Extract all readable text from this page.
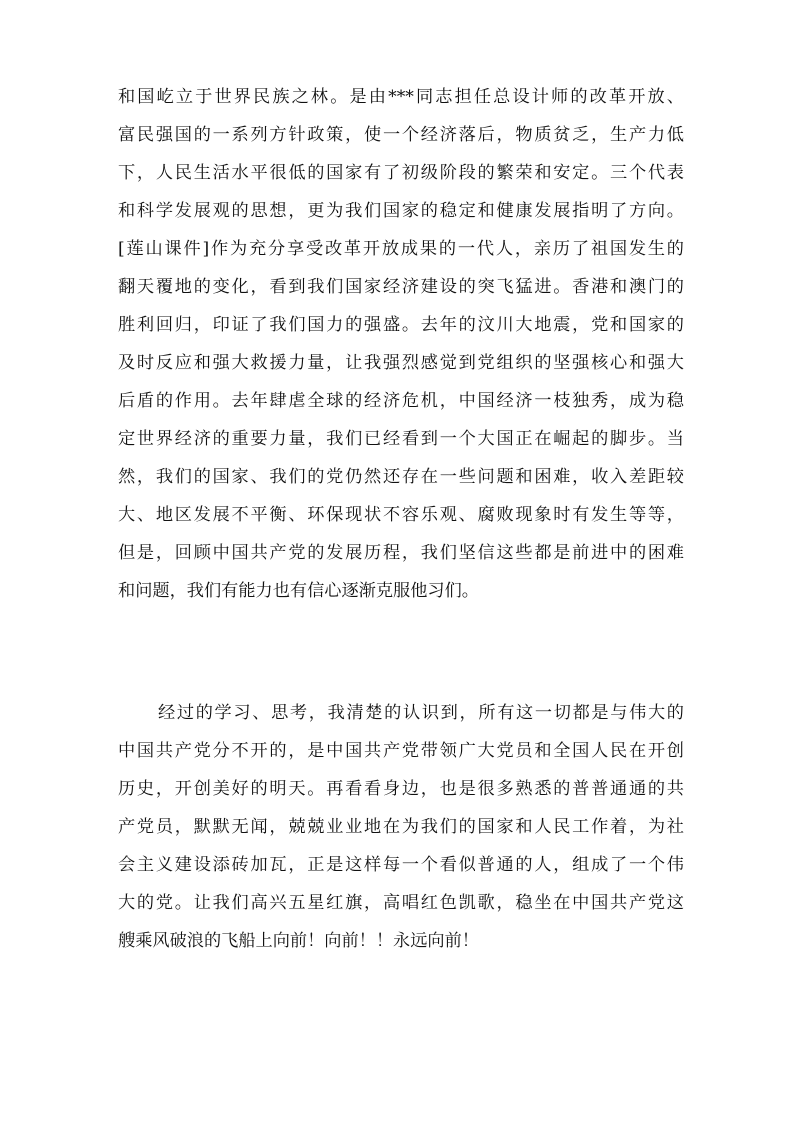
和国屹立于世界民族之林。是由***同志担任总设计师的改革开放、
富民强国的一系列方针政策，使一个经济落后，物质贫乏，生产力低
下，人民生活水平很低的国家有了初级阶段的繁荣和安定。三个代表
和科学发展观的思想，更为我们国家的稳定和健康发展指明了方向。
[莲山课件]作为充分享受改革开放成果的一代人，亲历了祖国发生的
翻天覆地的变化，看到我们国家经济建设的突飞猛进。香港和澳门的
胜利回归，印证了我们国力的强盛。去年的汶川大地震，党和国家的
及时反应和强大救援力量，让我强烈感觉到党组织的坚强核心和强大
后盾的作用。去年肆虐全球的经济危机，中国经济一枝独秀，成为稳
定世界经济的重要力量，我们已经看到一个大国正在崛起的脚步。当
然，我们的国家、我们的党仍然还存在一些问题和困难，收入差距较
大、地区发展不平衡、环保现状不容乐观、腐败现象时有发生等等，
但是，回顾中国共产党的发展历程，我们坚信这些都是前进中的困难
和问题，我们有能力也有信心逐渐克服他习们。
经过的学习、思考，我清楚的认识到，所有这一切都是与伟大的
中国共产党分不开的，是中国共产党带领广大党员和全国人民在开创
历史，开创美好的明天。再看看身边，也是很多熟悉的普普通通的共
产党员，默默无闻，兢兢业业地在为我们的国家和人民工作着，为社
会主义建设添砖加瓦，正是这样每一个看似普通的人，组成了一个伟
大的党。让我们高兴五星红旗，高唱红色凯歌，稳坐在中国共产党这
艘乘风破浪的飞船上向前！向前！！永远向前！
